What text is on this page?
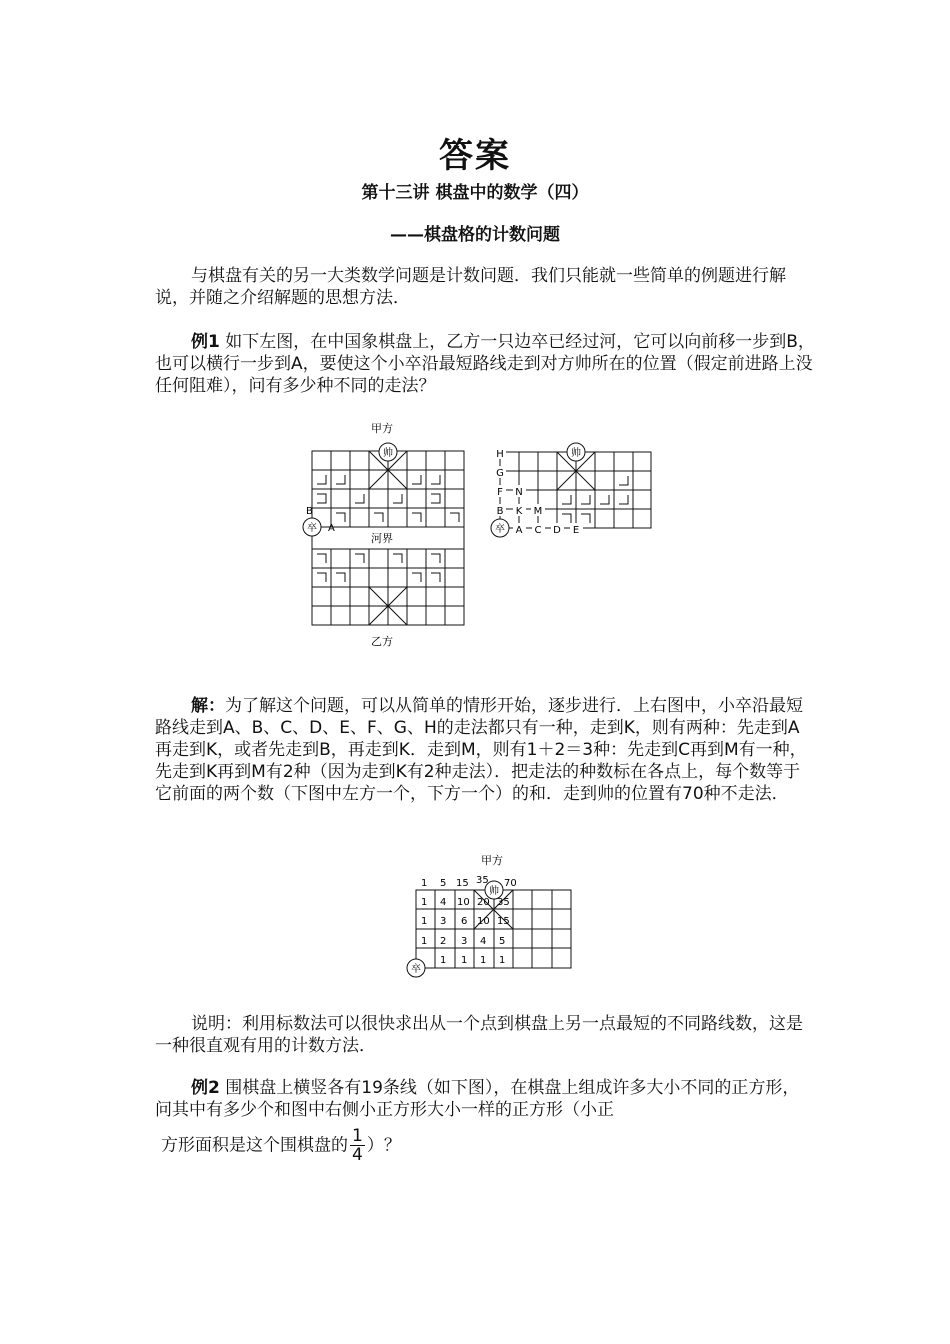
答案
第十三讲 棋盘中的数学（四）
——棋盘格的计数问题

与棋盘有关的另一大类数学问题是计数问题．我们只能就一些简单的例题进行解说，并随之介绍解题的思想方法．

例1 如下左图，在中国象棋盘上，乙方一只边卒已经过河，它可以向前移一步到B，也可以横行一步到A，要使这个小卒沿最短路线走到对方帅所在的位置（假定前进路上没任何阻难），问有多少种不同的走法？

甲方
河界
帅
卒
B
A
乙方
帅
卒
H
G
F N
B K M
A C D E

解：为了解这个问题，可以从简单的情形开始，逐步进行．上右图中，小卒沿最短路线走到A、B、C、D、E、F、G、H的走法都只有一种，走到K，则有两种：先走到A再走到K，或者先走到B，再走到K．走到M，则有1＋2＝3种：先走到C再到M有一种，先走到K再到M有2种（因为走到K有2种走法）．把走法的种数标在各点上，每个数等于它前面的两个数（下图中左方一个，下方一个）的和．走到帅的位置有70种不走法．

甲方
帅
卒
1 5 15 35 70
1 4 10 20 35
1 3 6 10 15
1 2 3 4 5
1 1 1 1

说明：利用标数法可以很快求出从一个点到棋盘上另一点最短的不同路线数，这是一种很直观有用的计数方法．

例2 围棋盘上横竖各有19条线（如下图），在棋盘上组成许多大小不同的正方形，问其中有多少个和图中右侧小正方形大小一样的正方形（小正

方形面积是这个围棋盘的 $\frac{1}{4}$ ）？
